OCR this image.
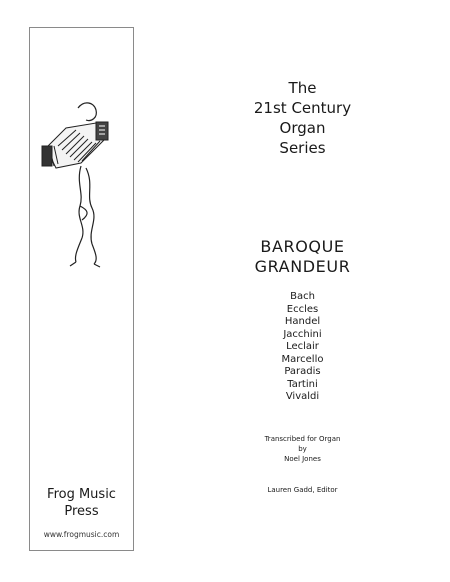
Frog Music
Press
www.frogmusic.com
The
21st Century
Organ
Series
BAROQUE
GRANDEUR
Bach
Eccles
Handel
Jacchini
Leclair
Marcello
Paradis
Tartini
Vivaldi
Transcribed for Organ
by
Noel Jones
Lauren Gadd, Editor
